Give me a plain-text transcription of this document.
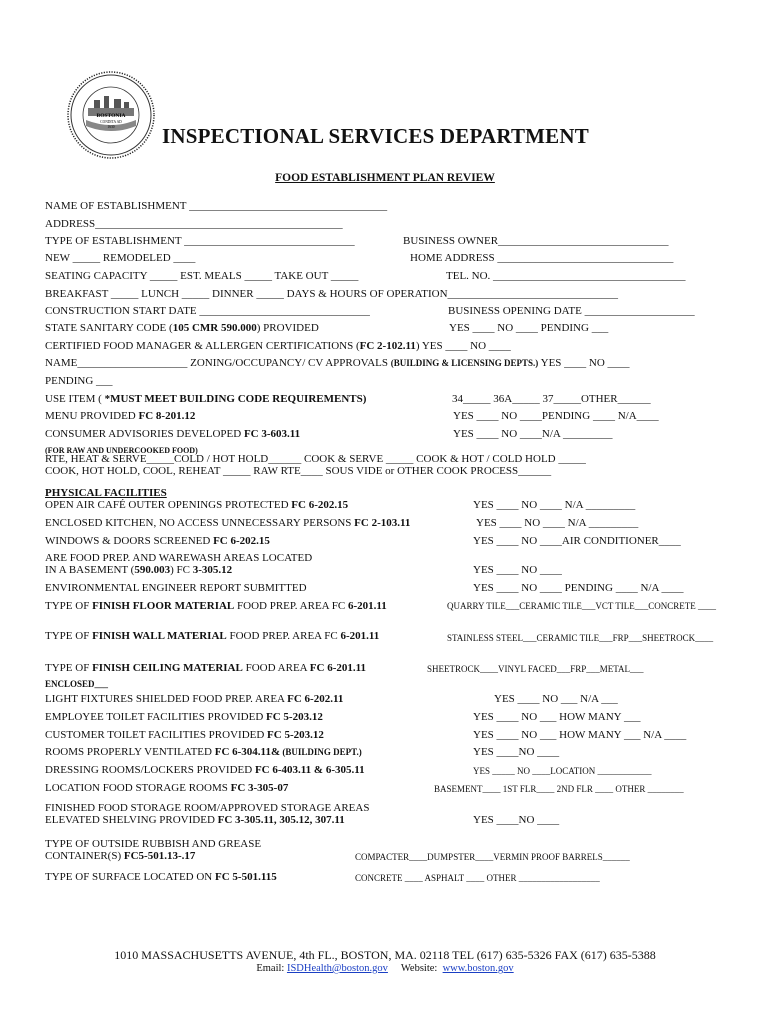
BOSTONIA
CONDITA AD
1630 INSPECTIONAL SERVICES DEPARTMENT
FOOD ESTABLISHMENT PLAN REVIEW
NAME OF ESTABLISHMENT ____________________________________
ADDRESS_____________________________________________
TYPE OF ESTABLISHMENT _______________________________	BUSINESS OWNER_______________________________
NEW _____ REMODELED ____	HOME ADDRESS ________________________________
SEATING CAPACITY _____ EST. MEALS _____ TAKE OUT _____	TEL. NO. ___________________________________
BREAKFAST _____ LUNCH _____ DINNER _____ DAYS & HOURS OF OPERATION_______________________________
CONSTRUCTION START DATE _______________________________	BUSINESS OPENING DATE ____________________
STATE SANITARY CODE (105 CMR 590.000) PROVIDED	YES ____ NO ____ PENDING ___
CERTIFIED FOOD MANAGER & ALLERGEN CERTIFICATIONS (FC 2-102.11) YES ____ NO ____
NAME____________________ ZONING/OCCUPANCY/ CV APPROVALS (BUILDING & LICENSING DEPTS.) YES ____ NO ____
PENDING ___
USE ITEM ( *MUST MEET BUILDING CODE REQUIREMENTS)	34_____ 36A_____ 37_____OTHER______
MENU PROVIDED FC 8-201.12	YES ____ NO ____PENDING ____ N/A____
CONSUMER ADVISORIES DEVELOPED FC 3-603.11	YES ____ NO ____N/A _________
(FOR RAW AND UNDERCOOKED FOOD)
RTE, HEAT & SERVE_____COLD / HOT HOLD______ COOK & SERVE _____ COOK & HOT / COLD HOLD _____
COOK, HOT HOLD, COOL, REHEAT _____ RAW RTE____ SOUS VIDE or OTHER COOK PROCESS______
PHYSICAL FACILITIES
OPEN AIR CAFÉ OUTER OPENINGS PROTECTED FC 6-202.15	YES ____ NO ____ N/A _________
ENCLOSED KITCHEN, NO ACCESS UNNECESSARY PERSONS FC 2-103.11	YES ____ NO ____ N/A _________
WINDOWS & DOORS SCREENED FC 6-202.15	YES ____ NO ____AIR CONDITIONER____
ARE FOOD PREP. AND WAREWASH AREAS LOCATED
IN A BASEMENT (590.003) FC 3-305.12	YES ____ NO ____
ENVIRONMENTAL ENGINEER REPORT SUBMITTED	YES ____ NO ____ PENDING ____ N/A ____
TYPE OF FINISH FLOOR MATERIAL FOOD PREP. AREA FC 6-201.11	QUARRY TILE___CERAMIC TILE___VCT TILE___CONCRETE ____
TYPE OF FINISH WALL MATERIAL FOOD PREP. AREA FC 6-201.11	STAINLESS STEEL___CERAMIC TILE___FRP___SHEETROCK____
TYPE OF FINISH CEILING MATERIAL FOOD AREA FC 6-201.11	SHEETROCK____VINYL FACED___FRP___METAL___
ENCLOSED___
LIGHT FIXTURES SHIELDED FOOD PREP. AREA FC 6-202.11	YES ____ NO ___ N/A ___
EMPLOYEE TOILET FACILITIES PROVIDED FC 5-203.12	YES ____ NO ___ HOW MANY ___
CUSTOMER TOILET FACILITIES PROVIDED FC 5-203.12	YES ____ NO ___ HOW MANY ___ N/A ____
ROOMS PROPERLY VENTILATED FC 6-304.11& (BUILDING DEPT.)	YES ____NO ____
DRESSING ROOMS/LOCKERS PROVIDED FC 6-403.11 & 6-305.11	YES _____ NO ____LOCATION ____________
LOCATION FOOD STORAGE ROOMS FC 3-305-07	BASEMENT____ 1ST FLR____ 2ND FLR ____ OTHER ________
FINISHED FOOD STORAGE ROOM/APPROVED STORAGE AREAS
ELEVATED SHELVING PROVIDED FC 3-305.11, 305.12, 307.11	YES ____NO ____
TYPE OF OUTSIDE RUBBISH AND GREASE
CONTAINER(S) FC5-501.13-.17	COMPACTER____DUMPSTER____VERMIN PROOF BARRELS______
TYPE OF SURFACE LOCATED ON FC 5-501.115	CONCRETE ____ ASPHALT ____ OTHER __________________
1010 MASSACHUSETTS AVENUE, 4th FL., BOSTON, MA. 02118 TEL (617) 635-5326 FAX (617) 635-5388
Email: ISDHealth@boston.gov     Website:  www.boston.gov
